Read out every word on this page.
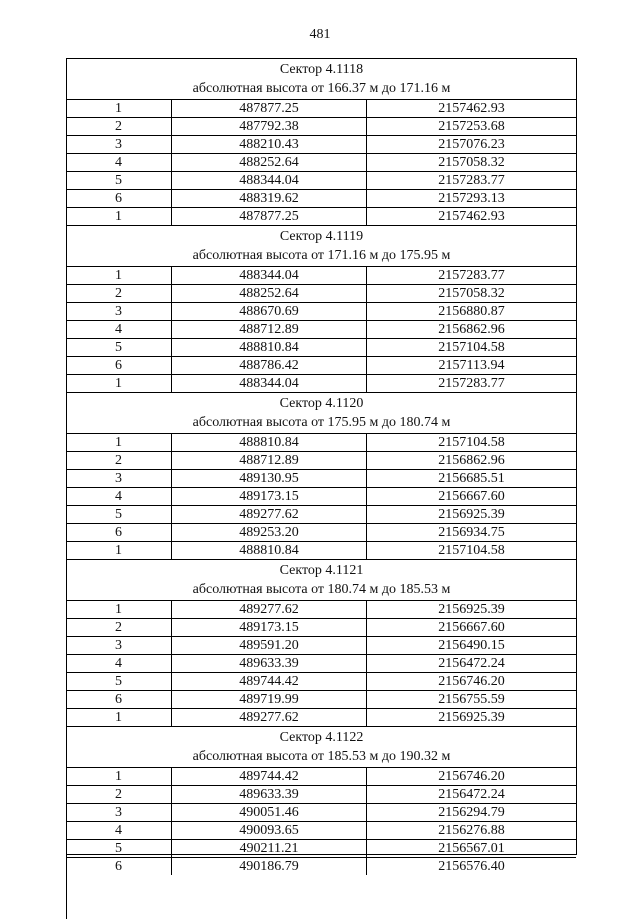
481
Сектор 4.1118
абсолютная высота от 166.37 м до 171.16 м
1	487877.25	2157462.93
2	487792.38	2157253.68
3	488210.43	2157076.23
4	488252.64	2157058.32
5	488344.04	2157283.77
6	488319.62	2157293.13
1	487877.25	2157462.93
Сектор 4.1119
абсолютная высота от 171.16 м до 175.95 м
1	488344.04	2157283.77
2	488252.64	2157058.32
3	488670.69	2156880.87
4	488712.89	2156862.96
5	488810.84	2157104.58
6	488786.42	2157113.94
1	488344.04	2157283.77
Сектор 4.1120
абсолютная высота от 175.95 м до 180.74 м
1	488810.84	2157104.58
2	488712.89	2156862.96
3	489130.95	2156685.51
4	489173.15	2156667.60
5	489277.62	2156925.39
6	489253.20	2156934.75
1	488810.84	2157104.58
Сектор 4.1121
абсолютная высота от 180.74 м до 185.53 м
1	489277.62	2156925.39
2	489173.15	2156667.60
3	489591.20	2156490.15
4	489633.39	2156472.24
5	489744.42	2156746.20
6	489719.99	2156755.59
1	489277.62	2156925.39
Сектор 4.1122
абсолютная высота от 185.53 м до 190.32 м
1	489744.42	2156746.20
2	489633.39	2156472.24
3	490051.46	2156294.79
4	490093.65	2156276.88
5	490211.21	2156567.01
6	490186.79	2156576.40
